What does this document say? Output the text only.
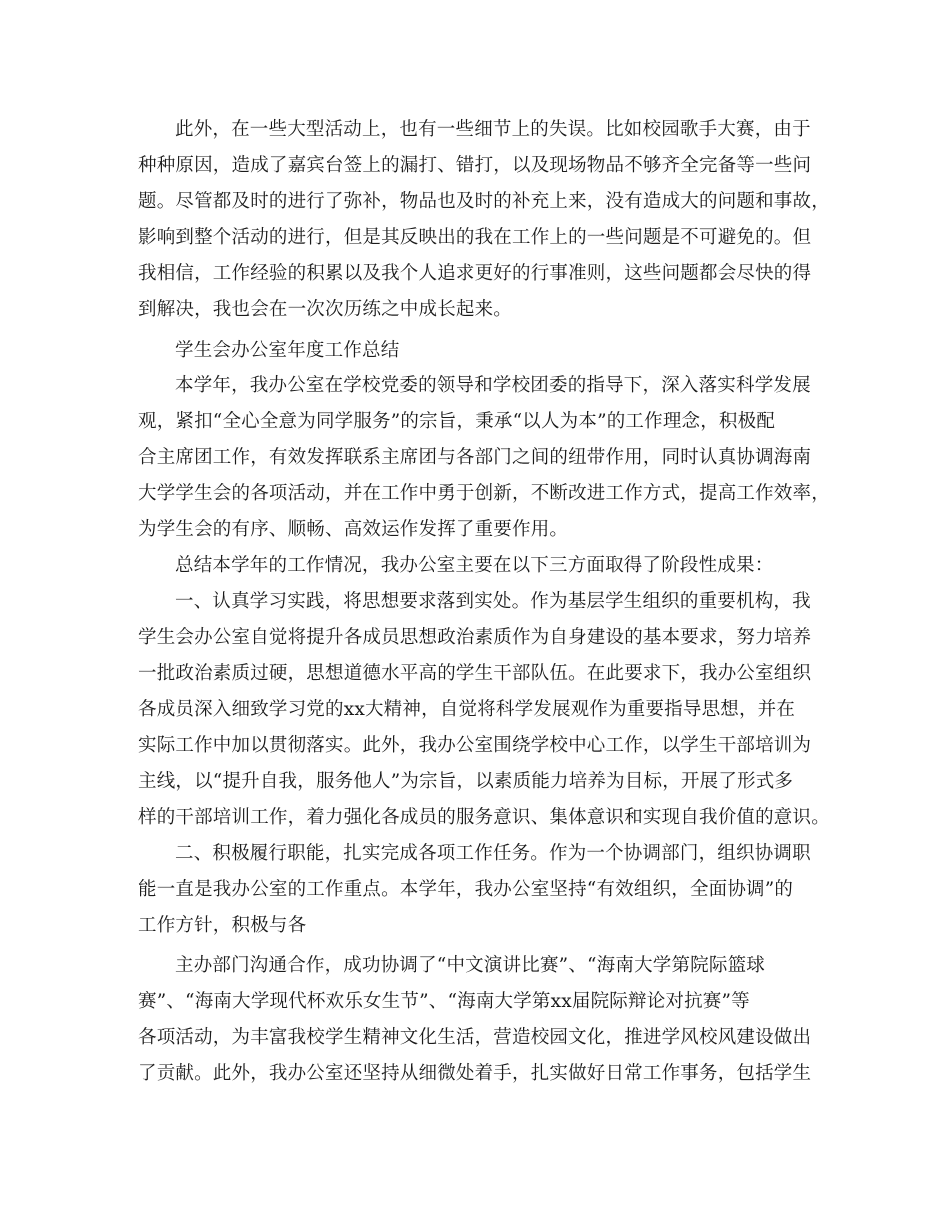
此外，在一些大型活动上，也有一些细节上的失误。比如校园歌手大赛，由于
种种原因，造成了嘉宾台签上的漏打、错打，以及现场物品不够齐全完备等一些问
题。尽管都及时的进行了弥补，物品也及时的补充上来，没有造成大的问题和事故，
影响到整个活动的进行，但是其反映出的我在工作上的一些问题是不可避免的。但
我相信，工作经验的积累以及我个人追求更好的行事准则，这些问题都会尽快的得
到解决，我也会在一次次历练之中成长起来。
学生会办公室年度工作总结
本学年，我办公室在学校党委的领导和学校团委的指导下，深入落实科学发展
观，紧扣“全心全意为同学服务”的宗旨，秉承“以人为本”的工作理念，积极配
合主席团工作，有效发挥联系主席团与各部门之间的纽带作用，同时认真协调海南
大学学生会的各项活动，并在工作中勇于创新，不断改进工作方式，提高工作效率，
为学生会的有序、顺畅、高效运作发挥了重要作用。
总结本学年的工作情况，我办公室主要在以下三方面取得了阶段性成果：
一、认真学习实践，将思想要求落到实处。作为基层学生组织的重要机构，我
学生会办公室自觉将提升各成员思想政治素质作为自身建设的基本要求，努力培养
一批政治素质过硬，思想道德水平高的学生干部队伍。在此要求下，我办公室组织
各成员深入细致学习党的xx大精神，自觉将科学发展观作为重要指导思想，并在
实际工作中加以贯彻落实。此外，我办公室围绕学校中心工作，以学生干部培训为
主线，以“提升自我，服务他人”为宗旨，以素质能力培养为目标，开展了形式多
样的干部培训工作，着力强化各成员的服务意识、集体意识和实现自我价值的意识。
二、积极履行职能，扎实完成各项工作任务。作为一个协调部门，组织协调职
能一直是我办公室的工作重点。本学年，我办公室坚持“有效组织，全面协调”的
工作方针，积极与各
主办部门沟通合作，成功协调了“中文演讲比赛”、“海南大学第院际篮球
赛”、“海南大学现代杯欢乐女生节”、“海南大学第xx届院际辩论对抗赛”等
各项活动，为丰富我校学生精神文化生活，营造校园文化，推进学风校风建设做出
了贡献。此外，我办公室还坚持从细微处着手，扎实做好日常工作事务，包括学生
